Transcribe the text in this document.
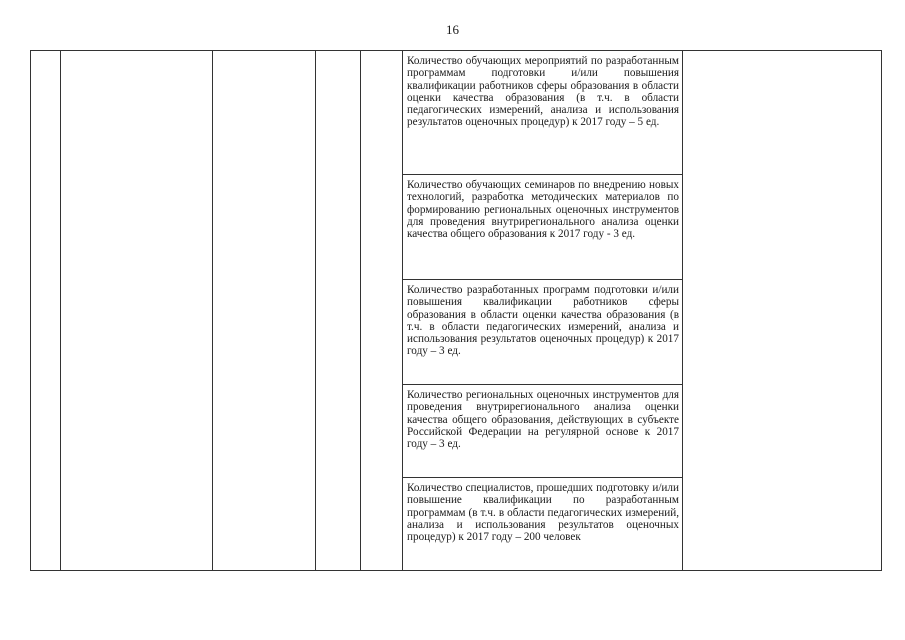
16

Количество обучающих мероприятий по разработанным программам подготовки и/или повышения квалификации работников сферы образования в области оценки качества образования (в т.ч. в области педагогических измерений, анализа и использования результатов оценочных процедур) к 2017 году – 5 ед.

Количество обучающих семинаров по внедрению новых технологий, разработка методических материалов по формированию региональных оценочных инструментов для проведения внутрирегионального анализа оценки качества общего образования к 2017 году - 3 ед.

Количество разработанных программ подготовки и/или повышения квалификации работников сферы образования в области оценки качества образования (в т.ч. в области педагогических измерений, анализа и использования результатов оценочных процедур) к 2017 году – 3 ед.

Количество региональных оценочных инструментов для проведения внутрирегионального анализа оценки качества общего образования, действующих в субъекте Российской Федерации на регулярной основе к 2017 году – 3 ед.

Количество специалистов, прошедших подготовку и/или повышение квалификации по разработанным программам (в т.ч. в области педагогических измерений, анализа и использования результатов оценочных процедур) к 2017 году – 200 человек
